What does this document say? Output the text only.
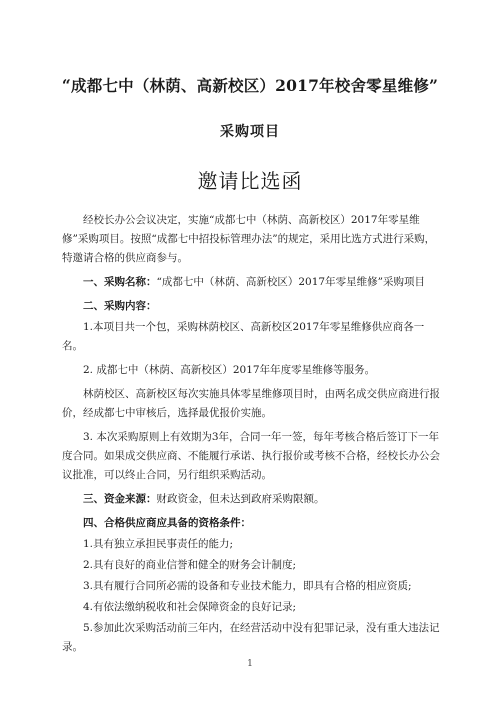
“成都七中（林荫、高新校区）2017年校舍零星维修”
采购项目
邀请比选函

经校长办公会议决定，实施“成都七中（林荫、高新校区）2017年零星维修”采购项目。按照“成都七中招投标管理办法”的规定，采用比选方式进行采购，特邀请合格的供应商参与。

一、采购名称：“成都七中（林荫、高新校区）2017年零星维修”采购项目

二、采购内容：

1.本项目共一个包，采购林荫校区、高新校区2017年零星维修供应商各一名。

2. 成都七中（林荫、高新校区）2017年年度零星维修等服务。

林荫校区、高新校区每次实施具体零星维修项目时，由两名成交供应商进行报价，经成都七中审核后，选择最优报价实施。

3. 本次采购原则上有效期为3年，合同一年一签，每年考核合格后签订下一年度合同。如果成交供应商、不能履行承诺、执行报价或考核不合格，经校长办公会议批准，可以终止合同，另行组织采购活动。

三、资金来源：财政资金，但未达到政府采购限额。

四、合格供应商应具备的资格条件：

1.具有独立承担民事责任的能力;

2.具有良好的商业信誉和健全的财务会计制度;

3.具有履行合同所必需的设备和专业技术能力，即具有合格的相应资质;

4.有依法缴纳税收和社会保障资金的良好记录;

5.参加此次采购活动前三年内，在经营活动中没有犯罪记录，没有重大违法记录。

1
